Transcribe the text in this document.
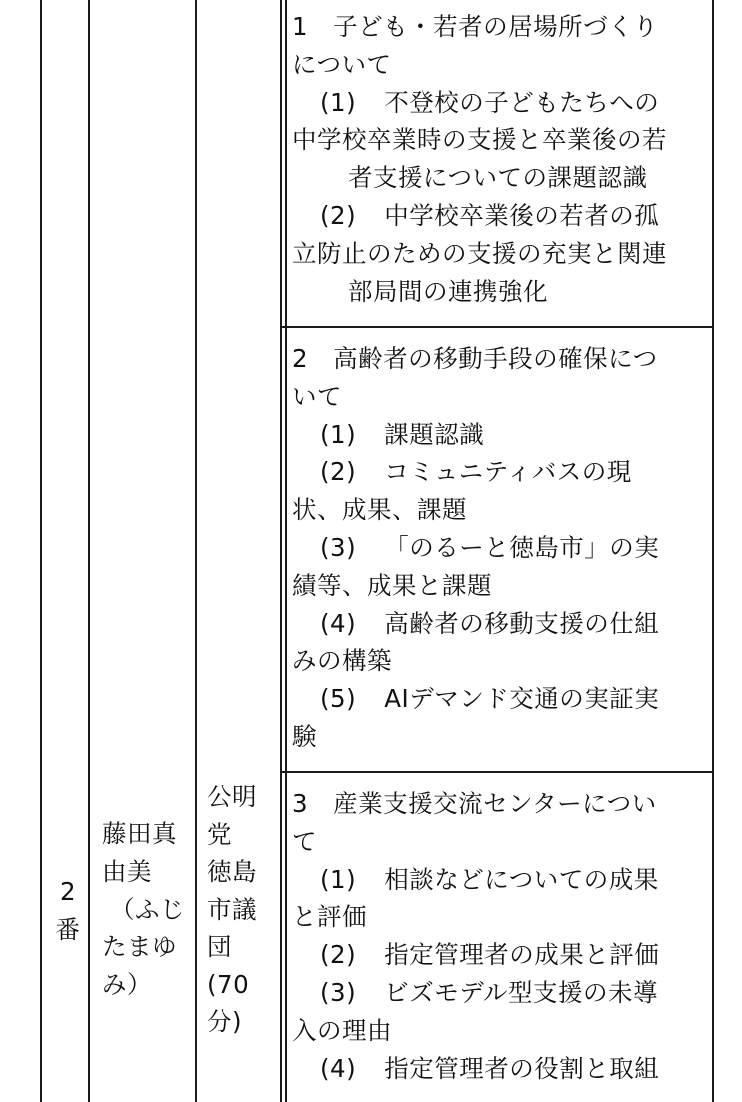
2
番
藤田真
由美
（ふじ
たまゆ
み）
公明
党
徳島
市議
団
(70
分)
1　子ども・若者の居場所づくり
について
(1) 不登校の子どもたちへの
中学校卒業時の支援と卒業後の若
者支援についての課題認識
(2) 中学校卒業後の若者の孤
立防止のための支援の充実と関連
部局間の連携強化
2　高齢者の移動手段の確保につ
いて
(1) 課題認識
(2) コミュニティバスの現
状、成果、課題
(3) 「のるーと徳島市」の実
績等、成果と課題
(4) 高齢者の移動支援の仕組
みの構築
(5) AIデマンド交通の実証実
験
3　産業支援交流センターについ
て
(1) 相談などについての成果
と評価
(2) 指定管理者の成果と評価
(3) ビズモデル型支援の未導
入の理由
(4) 指定管理者の役割と取組
